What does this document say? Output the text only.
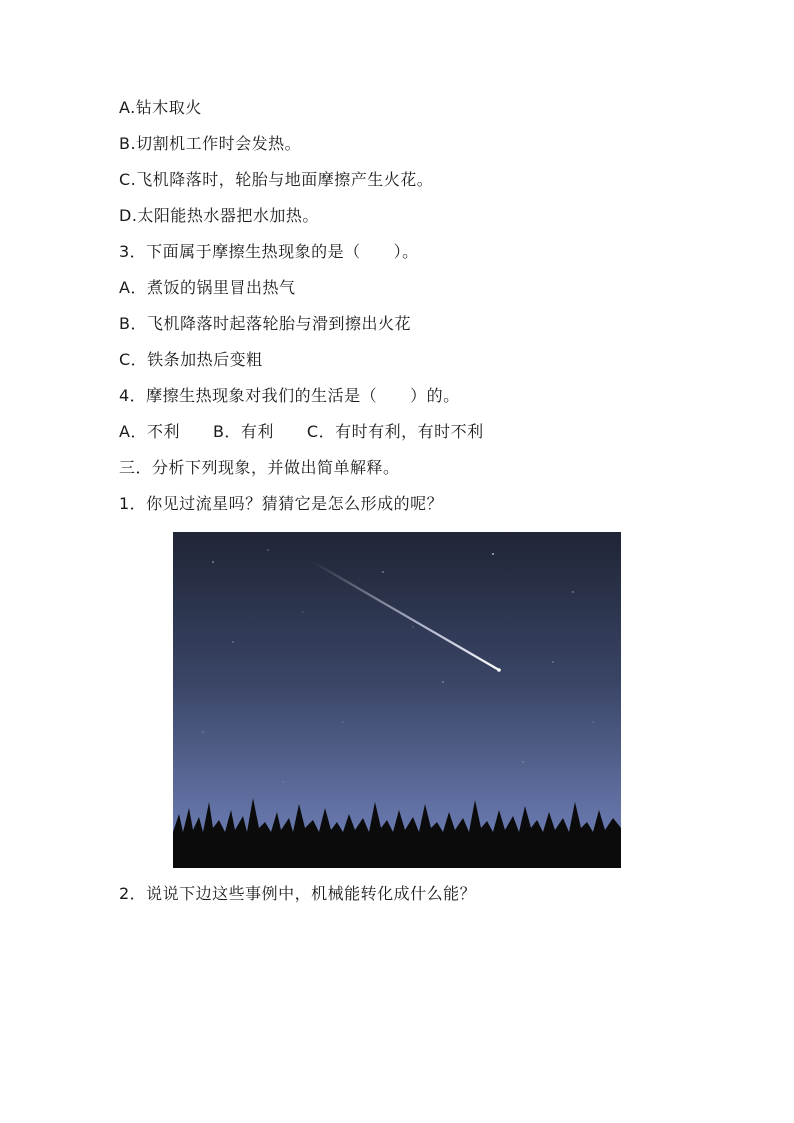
A.钻木取火
B.切割机工作时会发热。
C.飞机降落时，轮胎与地面摩擦产生火花。
D.太阳能热水器把水加热。
3．下面属于摩擦生热现象的是（　　）。
A．煮饭的锅里冒出热气
B．飞机降落时起落轮胎与滑到擦出火花
C．铁条加热后变粗
4．摩擦生热现象对我们的生活是（　　）的。
A．不利　　B．有利　　C．有时有利，有时不利
三．分析下列现象，并做出简单解释。
1．你见过流星吗？猜猜它是怎么形成的呢？
2．说说下边这些事例中，机械能转化成什么能？
